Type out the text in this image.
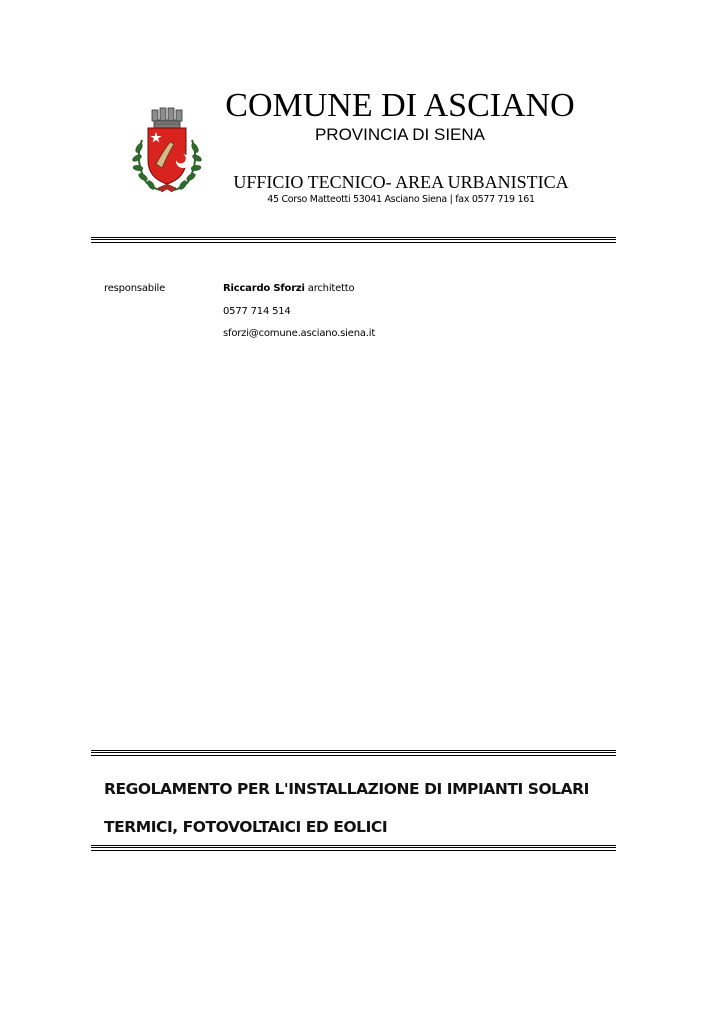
COMUNE DI ASCIANO
PROVINCIA DI SIENA
UFFICIO TECNICO- AREA URBANISTICA
45 Corso Matteotti 53041 Asciano Siena | fax 0577 719 161
responsabile	Riccardo Sforzi architetto
0577 714 514
sforzi@comune.asciano.siena.it
REGOLAMENTO PER L'INSTALLAZIONE DI IMPIANTI SOLARI
TERMICI, FOTOVOLTAICI ED EOLICI
